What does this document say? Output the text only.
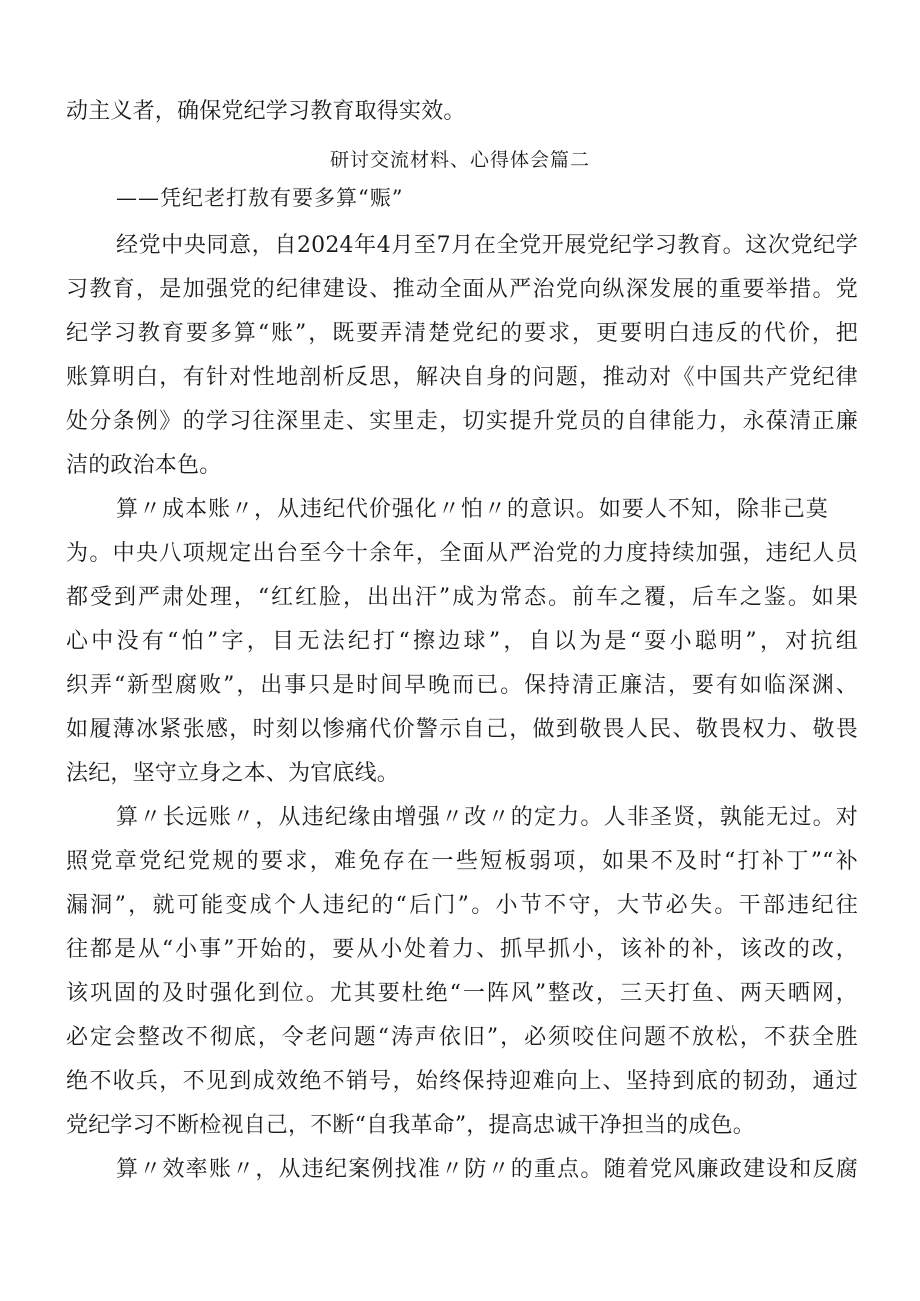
动主义者，确保党纪学习教育取得实效。
研讨交流材料、心得体会篇二
——凭纪老打敖有要多算“赈”
经党中央同意，自2024年4月至7月在全党开展党纪学习教育。这次党纪学
习教育，是加强党的纪律建设、推动全面从严治党向纵深发展的重要举措。党
纪学习教育要多算“账”，既要弄清楚党纪的要求，更要明白违反的代价，把
账算明白，有针对性地剖析反思，解决自身的问题，推动对《中国共产党纪律
处分条例》的学习往深里走、实里走，切实提升党员的自律能力，永葆清正廉
洁的政治本色。
算〃成本账〃，从违纪代价强化〃怕〃的意识。如要人不知，除非己莫
为。中央八项规定出台至今十余年，全面从严治党的力度持续加强，违纪人员
都受到严肃处理，“红红脸，出出汗”成为常态。前车之覆，后车之鉴。如果
心中没有“怕”字，目无法纪打“擦边球”，自以为是“耍小聪明”，对抗组
织弄“新型腐败”，出事只是时间早晚而已。保持清正廉洁，要有如临深渊、
如履薄冰紧张感，时刻以惨痛代价警示自己，做到敬畏人民、敬畏权力、敬畏
法纪，坚守立身之本、为官底线。
算〃长远账〃，从违纪缘由增强〃改〃的定力。人非圣贤，孰能无过。对
照党章党纪党规的要求，难免存在一些短板弱项，如果不及时“打补丁”“补
漏洞”，就可能变成个人违纪的“后门”。小节不守，大节必失。干部违纪往
往都是从“小事”开始的，要从小处着力、抓早抓小，该补的补，该改的改，
该巩固的及时强化到位。尤其要杜绝“一阵风”整改，三天打鱼、两天晒网，
必定会整改不彻底，令老问题“涛声依旧”，必须咬住问题不放松，不获全胜
绝不收兵，不见到成效绝不销号，始终保持迎难向上、坚持到底的韧劲，通过
党纪学习不断检视自己，不断“自我革命”，提高忠诚干净担当的成色。
算〃效率账〃，从违纪案例找准〃防〃的重点。随着党风廉政建设和反腐
